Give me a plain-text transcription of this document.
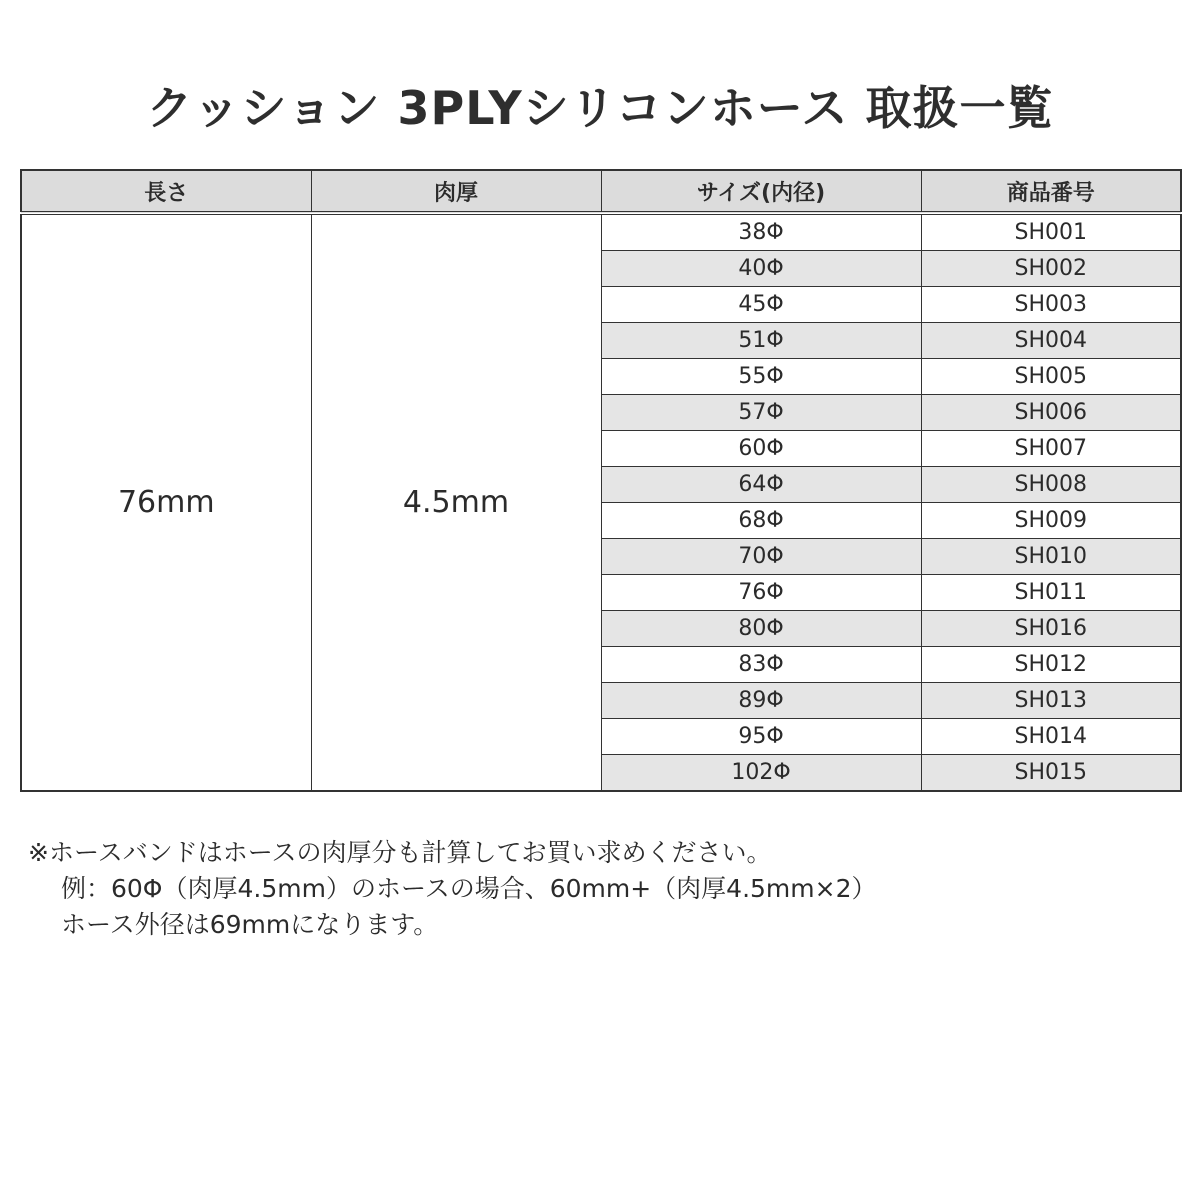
クッション 3PLYシリコンホース 取扱一覧
長さ	肉厚	サイズ(内径)	商品番号
76mm	4.5mm	38Φ	SH001
		40Φ	SH002
		45Φ	SH003
		51Φ	SH004
		55Φ	SH005
		57Φ	SH006
		60Φ	SH007
		64Φ	SH008
		68Φ	SH009
		70Φ	SH010
		76Φ	SH011
		80Φ	SH016
		83Φ	SH012
		89Φ	SH013
		95Φ	SH014
		102Φ	SH015
※ホースバンドはホースの肉厚分も計算してお買い求めください。
例：60Φ（肉厚4.5mm）のホースの場合、60mm+（肉厚4.5mm×2）
ホース外径は69mmになります。
